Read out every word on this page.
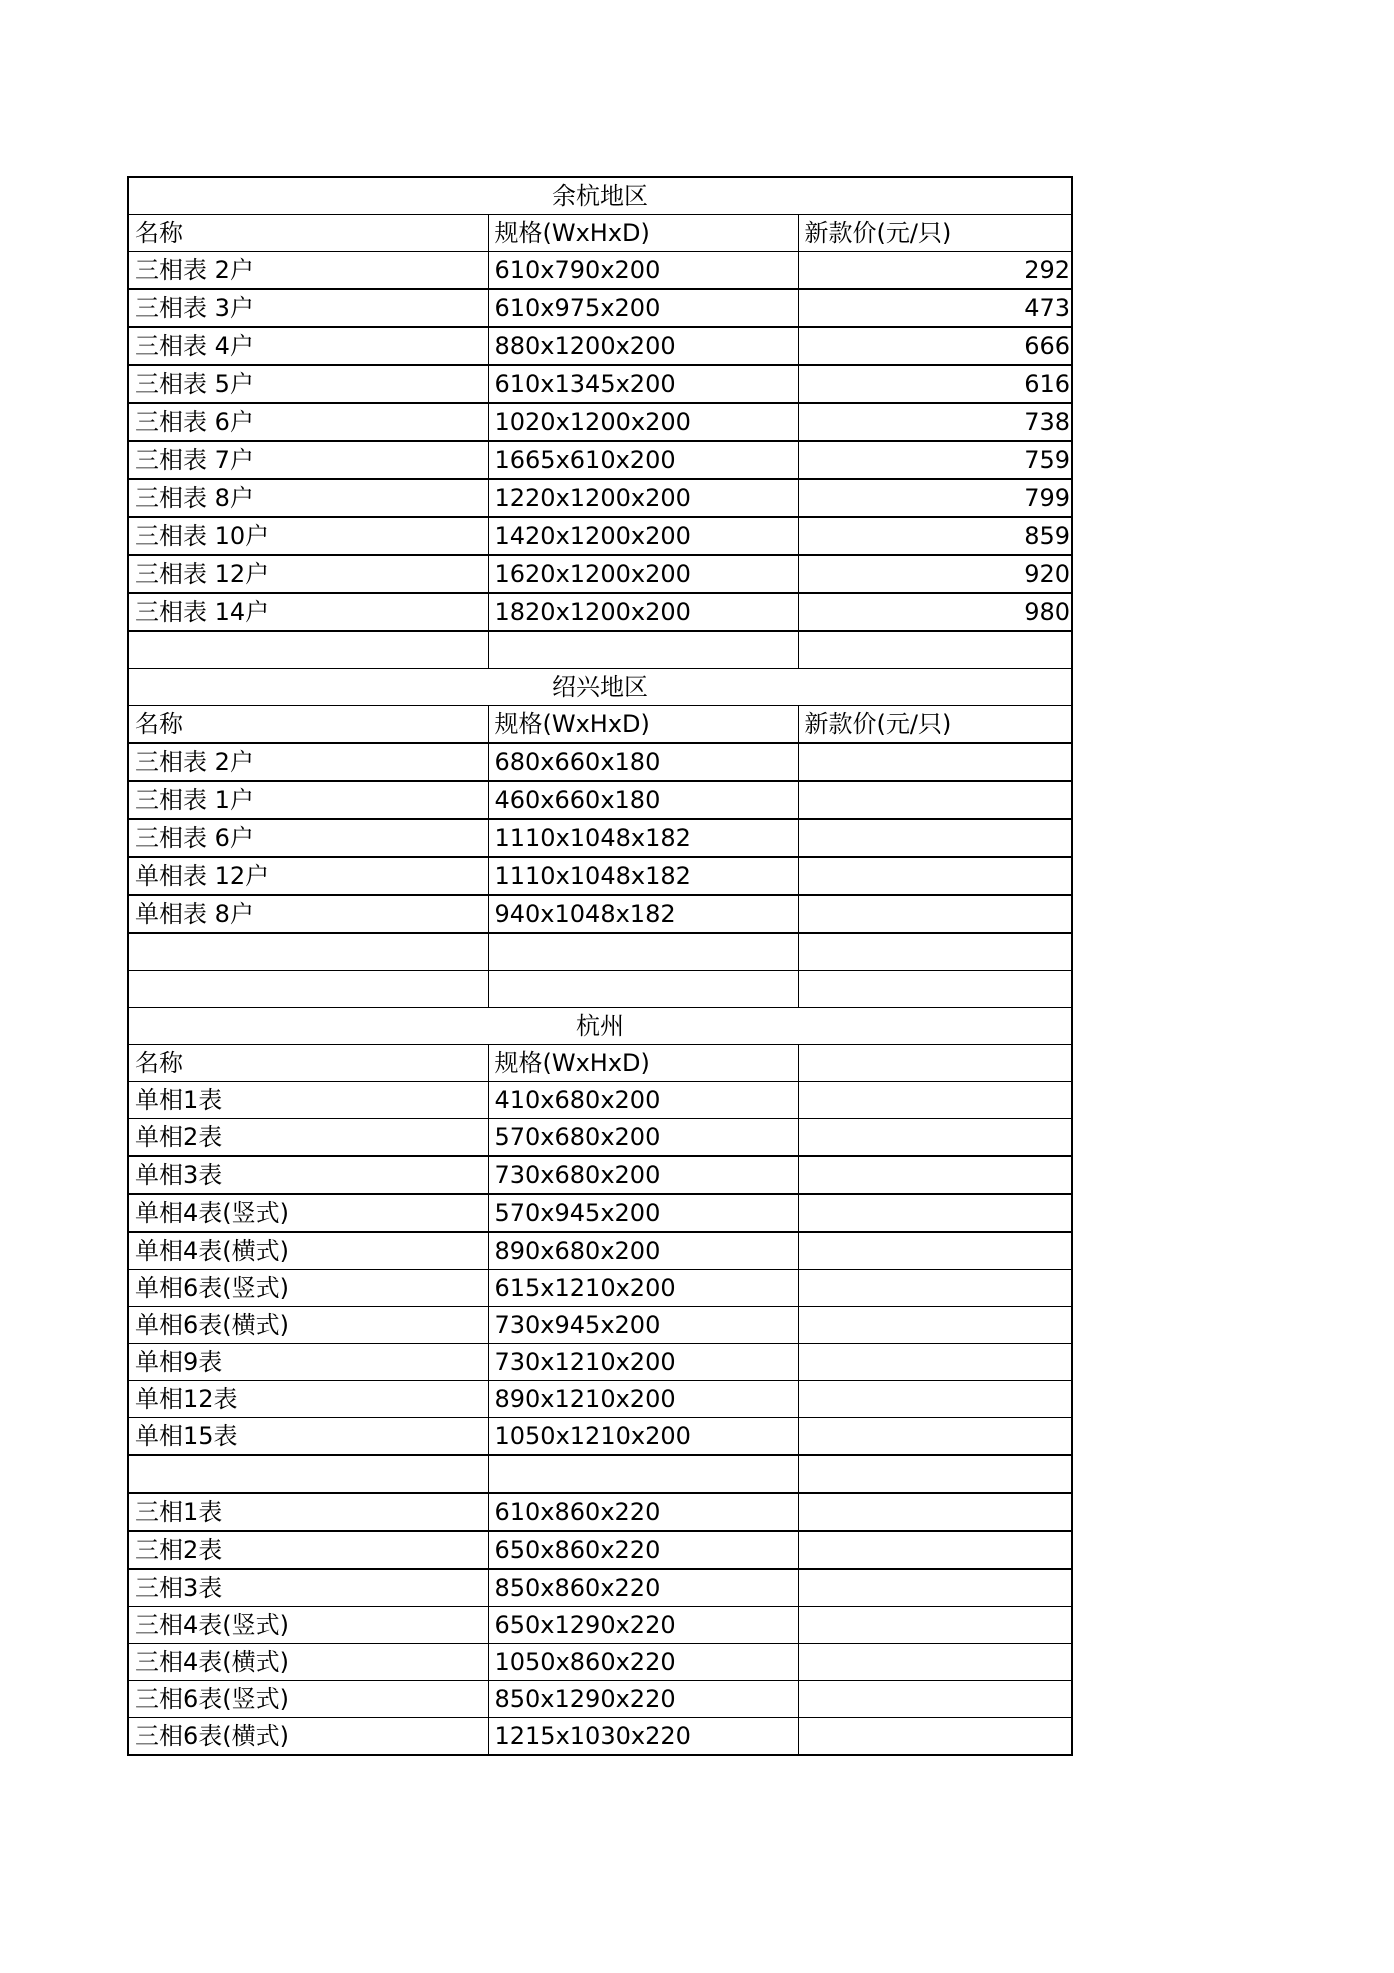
余杭地区		
名称	规格(WxHxD)	新款价(元/只)
三相表 2户	610x790x200	292
三相表 3户	610x975x200	473
三相表 4户	880x1200x200	666
三相表 5户	610x1345x200	616
三相表 6户	1020x1200x200	738
三相表 7户	1665x610x200	759
三相表 8户	1220x1200x200	799
三相表 10户	1420x1200x200	859
三相表 12户	1620x1200x200	920
三相表 14户	1820x1200x200	980

绍兴地区		
名称	规格(WxHxD)	新款价(元/只)
三相表 2户	680x660x180	
三相表 1户	460x660x180	
三相表 6户	1110x1048x182	
单相表 12户	1110x1048x182	
单相表 8户	940x1048x182	

杭州		
名称	规格(WxHxD)	
单相1表	410x680x200	
单相2表	570x680x200	
单相3表	730x680x200	
单相4表(竖式)	570x945x200	
单相4表(横式)	890x680x200	
单相6表(竖式)	615x1210x200	
单相6表(横式)	730x945x200	
单相9表	730x1210x200	
单相12表	890x1210x200	
单相15表	1050x1210x200	

三相1表	610x860x220	
三相2表	650x860x220	
三相3表	850x860x220	
三相4表(竖式)	650x1290x220	
三相4表(横式)	1050x860x220	
三相6表(竖式)	850x1290x220	
三相6表(横式)	1215x1030x220	
